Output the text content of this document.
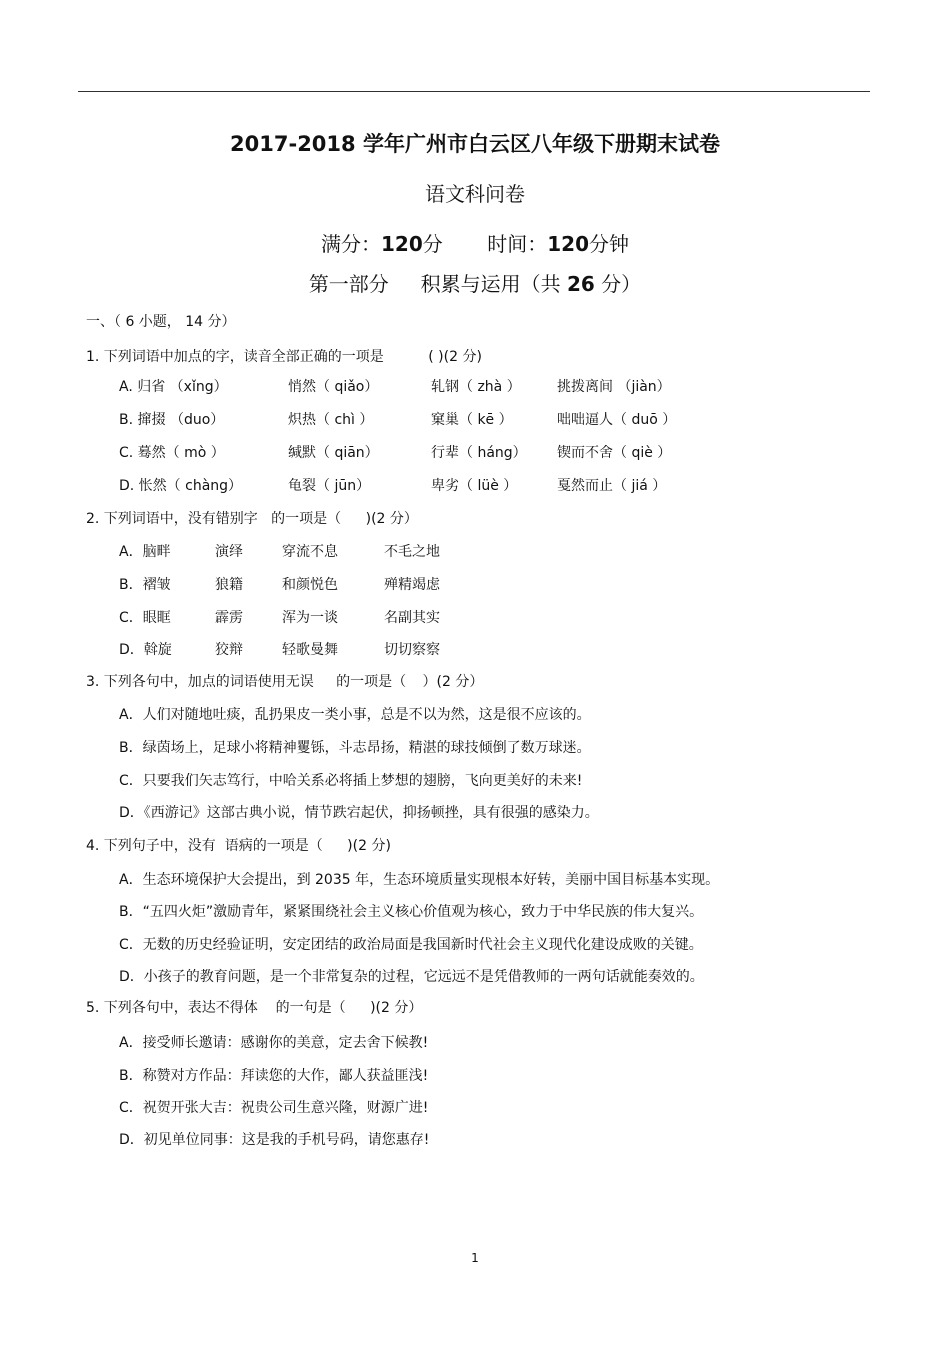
2017-2018 学年广州市白云区八年级下册期末试卷
语文科问卷
满分：120分 时间：120分钟
第一部分 积累与运用（共 26 分）
一、（ 6 小题， 14 分）
1. 下列词语中加点的字，读音全部正确的一项是	( )(2 分)
A. 归省 （xǐng）	悄然（ qiǎo）	轧钢（ zhà ）	挑拨离间 （jiàn）
B. 撺掇 （duo）	炽热（ chì ）	窠巢（ kē ）	咄咄逼人（ duō ）
C. 蓦然（ mò ）	缄默（ qiān）	行辈（ háng） 锲而不舍（ qiè ）
D. 怅然（ chàng）	龟裂（ jūn）	卑劣（ lüè ）	戛然而止（ jiá ）
2. 下列词语中，没有错别字 的一项是（ )(2 分）
A．脑畔	演绎	穿流不息	不毛之地
B．褶皱	狼籍	和颜悦色	殚精竭虑
C．眼眶	霹雳	浑为一谈	名副其实
D．斡旋	狡辩	轻歌曼舞	切切察察
3. 下列各句中，加点的词语使用无误 的一项是（ ）(2 分）
A．人们对随地吐痰，乱扔果皮一类小事，总是不以为然，这是很不应该的。
B．绿茵场上，足球小将精神矍铄，斗志昂扬，精湛的球技倾倒了数万球迷。
C．只要我们矢志笃行，中哈关系必将插上梦想的翅膀，飞向更美好的未来!
D．《西游记》这部古典小说，情节跌宕起伏，抑扬顿挫，具有很强的感染力。
4. 下列句子中，没有 语病的一项是（ )(2 分)
A．生态环境保护大会提出，到 2035 年，生态环境质量实现根本好转，美丽中国目标基本实现。
B．“五四火炬”激励青年，紧紧围绕社会主义核心价值观为核心，致力于中华民族的伟大复兴。
C．无数的历史经验证明，安定团结的政治局面是我国新时代社会主义现代化建设成败的关键。
D．小孩子的教育问题，是一个非常复杂的过程，它远远不是凭借教师的一两句话就能奏效的。
5. 下列各句中，表达不得体 的一句是（ )(2 分）
A．接受师长邀请：感谢你的美意，定去舍下候教!
B．称赞对方作品：拜读您的大作，鄙人获益匪浅!
C．祝贺开张大吉：祝贵公司生意兴隆，财源广进!
D．初见单位同事：这是我的手机号码，请您惠存!
1
